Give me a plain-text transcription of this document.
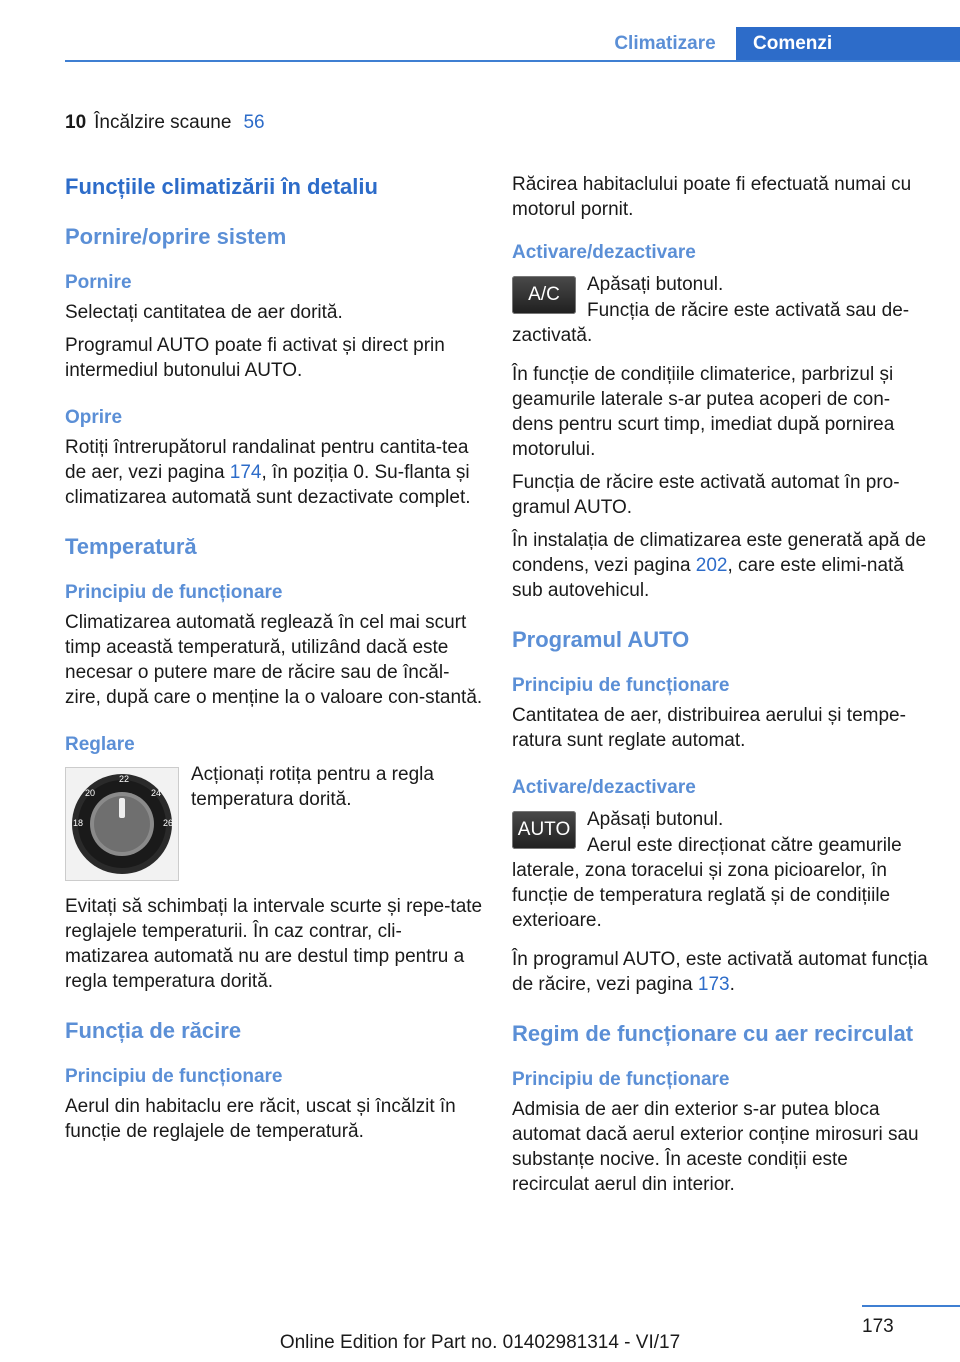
Climatizare	Comenzi
10 Încălzire scaune 56
Funcțiile climatizării în detaliu
Pornire/oprire sistem
Pornire

Selectați cantitatea de aer dorită.

Programul AUTO poate fi activat și direct prin intermediul butonului AUTO.

Oprire

Rotiți întrerupătorul randalinat pentru cantita-tea de aer, vezi pagina 174, în poziția 0. Su-flanta și climatizarea automată sunt dezactivate complet.

Temperatură
Principiu de funcționare

Climatizarea automată reglează în cel mai scurt timp această temperatură, utilizând dacă este necesar o putere mare de răcire sau de încăl-zire, după care o menține la o valoare con-stantă.

Reglare
22
24
26
20
18

Acționați rotița pentru a regla temperatura dorită.

Evitați să schimbați la intervale scurte și repe-tate reglajele temperaturii. În caz contrar, cli-matizarea automată nu are destul timp pentru a regla temperatura dorită.

Funcția de răcire
Principiu de funcționare

Aerul din habitaclu ere răcit, uscat și încălzit în funcție de reglajele de temperatură.

Răcirea habitaclului poate fi efectuată numai cu motorul pornit.

Activare/dezactivare
A/C	Apăsați butonul.

Funcția de răcire este activată sau de-zactivată.

În funcție de condițiile climaterice, parbrizul și geamurile laterale s-ar putea acoperi de con-dens pentru scurt timp, imediat după pornirea motorului.

Funcția de răcire este activată automat în pro-gramul AUTO.

În instalația de climatizarea este generată apă de condens, vezi pagina 202, care este elimi-nată sub autovehicul.

Programul AUTO
Principiu de funcționare

Cantitatea de aer, distribuirea aerului și tempe-ratura sunt reglate automat.

Activare/dezactivare
AUTO Apăsați butonul.

Aerul este direcționat către geamurile laterale, zona toracelui și zona picioarelor, în funcție de temperatura reglată și de condițiile exterioare.

În programul AUTO, este activată automat funcția de răcire, vezi pagina 173.

Regim de funcționare cu aer recirculat
Principiu de funcționare

Admisia de aer din exterior s-ar putea bloca automat dacă aerul exterior conține mirosuri sau substanțe nocive. În aceste condiții este recirculat aerul din interior.

173
Online Edition for Part no. 01402981314 - VI/17
